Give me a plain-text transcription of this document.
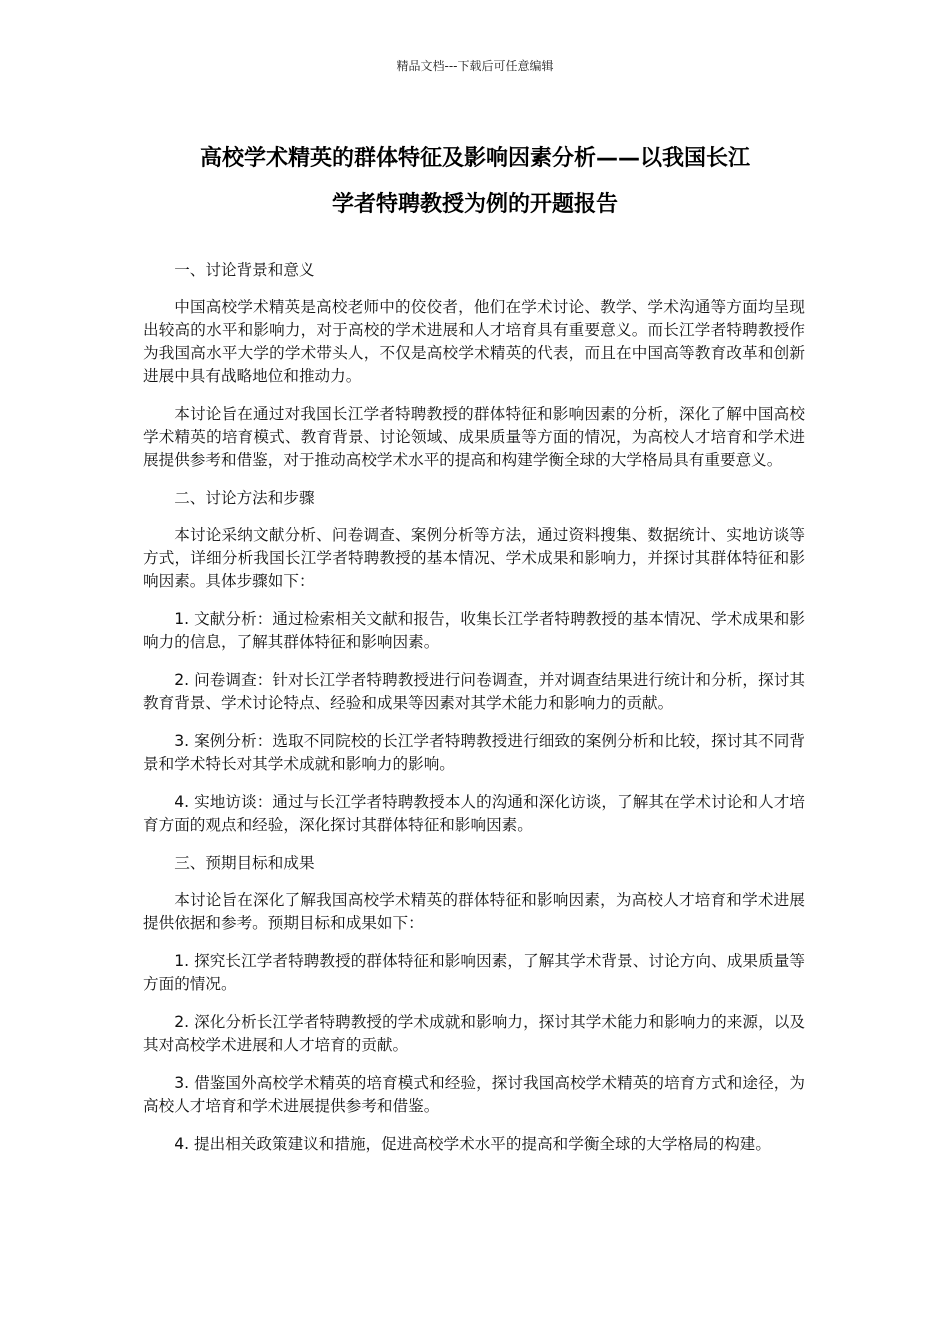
精品文档---下载后可任意编辑
高校学术精英的群体特征及影响因素分析——以我国长江
学者特聘教授为例的开题报告

一、讨论背景和意义

中国高校学术精英是高校老师中的佼佼者，他们在学术讨论、教学、学术沟通等方面均呈现出较高的水平和影响力，对于高校的学术进展和人才培育具有重要意义。而长江学者特聘教授作为我国高水平大学的学术带头人，不仅是高校学术精英的代表，而且在中国高等教育改革和创新进展中具有战略地位和推动力。

本讨论旨在通过对我国长江学者特聘教授的群体特征和影响因素的分析，深化了解中国高校学术精英的培育模式、教育背景、讨论领域、成果质量等方面的情况，为高校人才培育和学术进展提供参考和借鉴，对于推动高校学术水平的提高和构建学衡全球的大学格局具有重要意义。

二、讨论方法和步骤

本讨论采纳文献分析、问卷调查、案例分析等方法，通过资料搜集、数据统计、实地访谈等方式，详细分析我国长江学者特聘教授的基本情况、学术成果和影响力，并探讨其群体特征和影响因素。具体步骤如下：

1. 文献分析：通过检索相关文献和报告，收集长江学者特聘教授的基本情况、学术成果和影响力的信息，了解其群体特征和影响因素。

2. 问卷调查：针对长江学者特聘教授进行问卷调查，并对调查结果进行统计和分析，探讨其教育背景、学术讨论特点、经验和成果等因素对其学术能力和影响力的贡献。

3. 案例分析：选取不同院校的长江学者特聘教授进行细致的案例分析和比较，探讨其不同背景和学术特长对其学术成就和影响力的影响。

4. 实地访谈：通过与长江学者特聘教授本人的沟通和深化访谈，了解其在学术讨论和人才培育方面的观点和经验，深化探讨其群体特征和影响因素。

三、预期目标和成果

本讨论旨在深化了解我国高校学术精英的群体特征和影响因素，为高校人才培育和学术进展提供依据和参考。预期目标和成果如下：

1. 探究长江学者特聘教授的群体特征和影响因素，了解其学术背景、讨论方向、成果质量等方面的情况。

2. 深化分析长江学者特聘教授的学术成就和影响力，探讨其学术能力和影响力的来源，以及其对高校学术进展和人才培育的贡献。

3. 借鉴国外高校学术精英的培育模式和经验，探讨我国高校学术精英的培育方式和途径，为高校人才培育和学术进展提供参考和借鉴。

4. 提出相关政策建议和措施，促进高校学术水平的提高和学衡全球的大学格局的构建。
